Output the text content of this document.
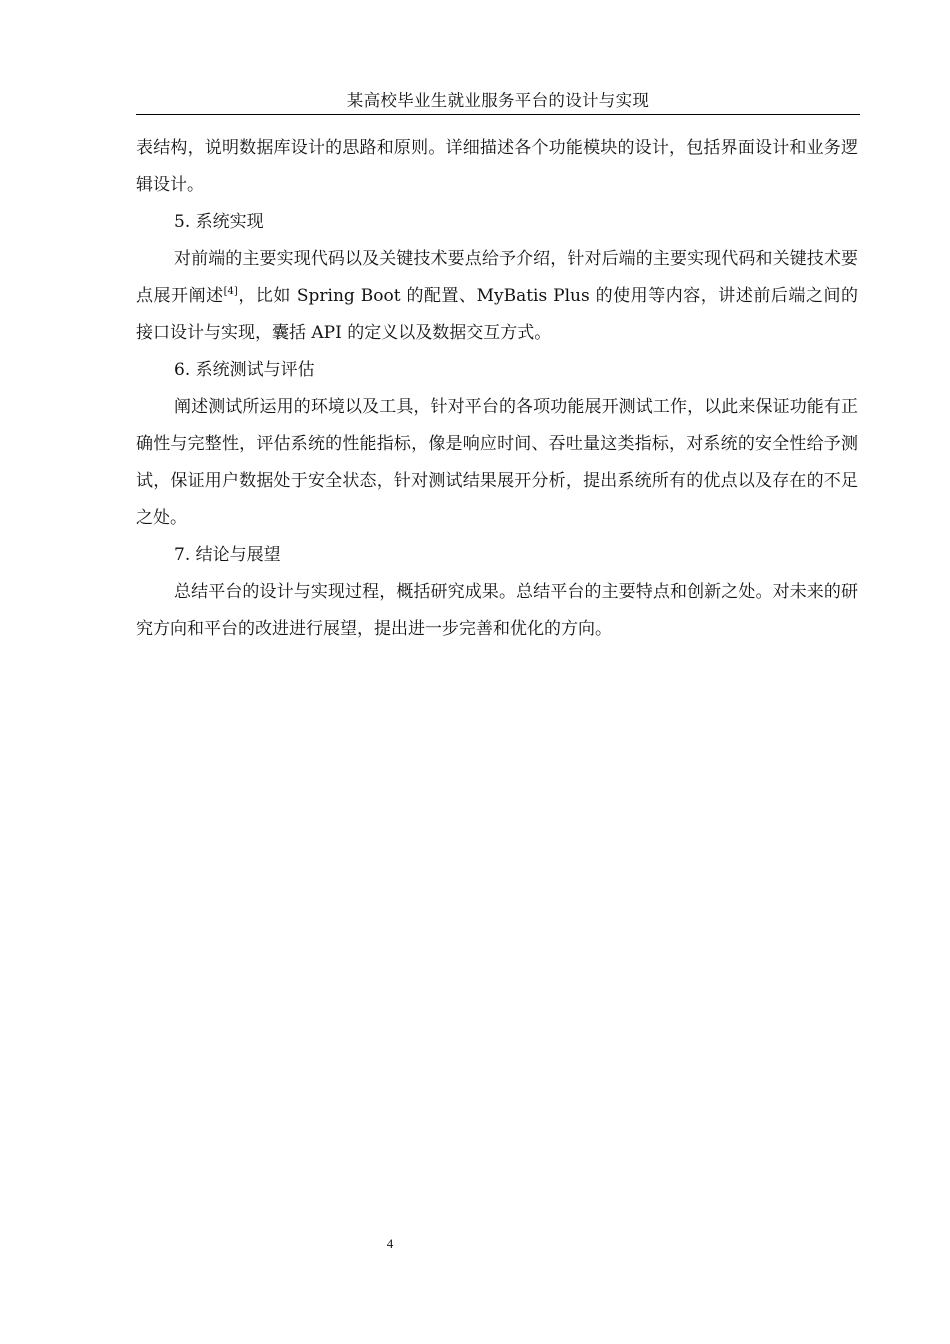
某高校毕业生就业服务平台的设计与实现

表结构，说明数据库设计的思路和原则。详细描述各个功能模块的设计，包括界面设计和业务逻辑设计。

5. 系统实现

对前端的主要实现代码以及关键技术要点给予介绍，针对后端的主要实现代码和关键技术要点展开阐述[4]，比如 Spring Boot 的配置、MyBatis Plus 的使用等内容，讲述前后端之间的接口设计与实现，囊括 API 的定义以及数据交互方式。

6. 系统测试与评估

阐述测试所运用的环境以及工具，针对平台的各项功能展开测试工作，以此来保证功能有正确性与完整性，评估系统的性能指标，像是响应时间、吞吐量这类指标，对系统的安全性给予测试，保证用户数据处于安全状态，针对测试结果展开分析，提出系统所有的优点以及存在的不足之处。

7. 结论与展望

总结平台的设计与实现过程，概括研究成果。总结平台的主要特点和创新之处。对未来的研究方向和平台的改进进行展望，提出进一步完善和优化的方向。

4
